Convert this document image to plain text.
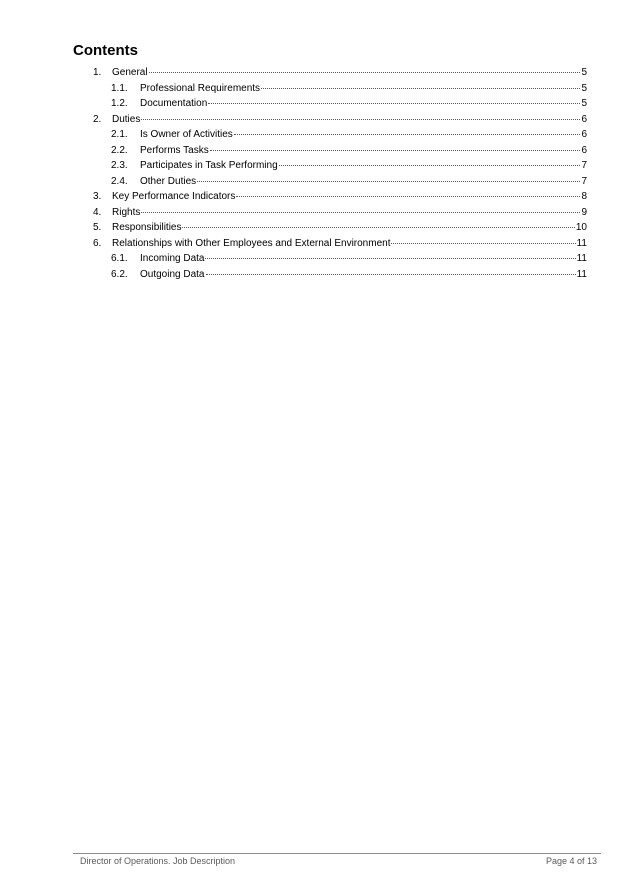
Contents
1.	General	5
1.1.	Professional Requirements	5
1.2.	Documentation	5
2.	Duties	6
2.1.	Is Owner of Activities	6
2.2.	Performs Tasks	6
2.3.	Participates in Task Performing	7
2.4.	Other Duties	7
3.	Key Performance Indicators	8
4.	Rights	9
5.	Responsibilities	10
6.	Relationships with Other Employees and External Environment	11
6.1.	Incoming Data	11
6.2.	Outgoing Data	11
Director of Operations. Job Description	Page 4 of 13
